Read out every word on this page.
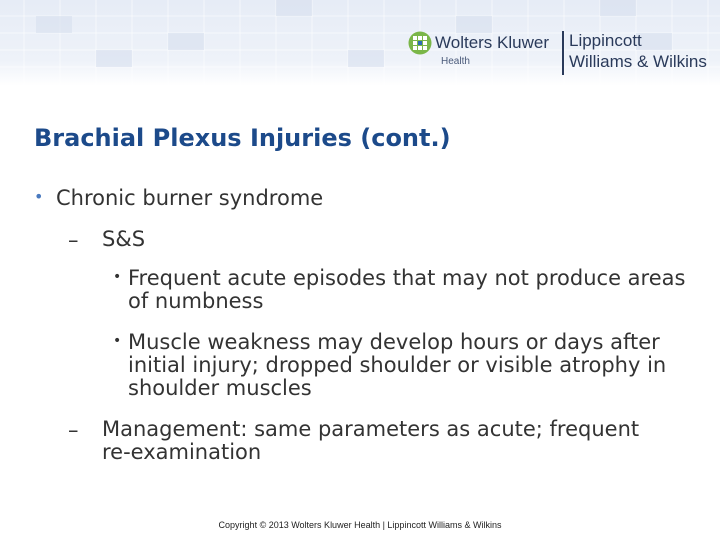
Wolters Kluwer
Health
Lippincott
Williams & Wilkins
Brachial Plexus Injuries (cont.)
• Chronic burner syndrome
– S&S
• Frequent acute episodes that may not produce areas of numbness
• Muscle weakness may develop hours or days after initial injury; dropped shoulder or visible atrophy in shoulder muscles
– Management: same parameters as acute; frequent re-examination
Copyright © 2013 Wolters Kluwer Health | Lippincott Williams & Wilkins
